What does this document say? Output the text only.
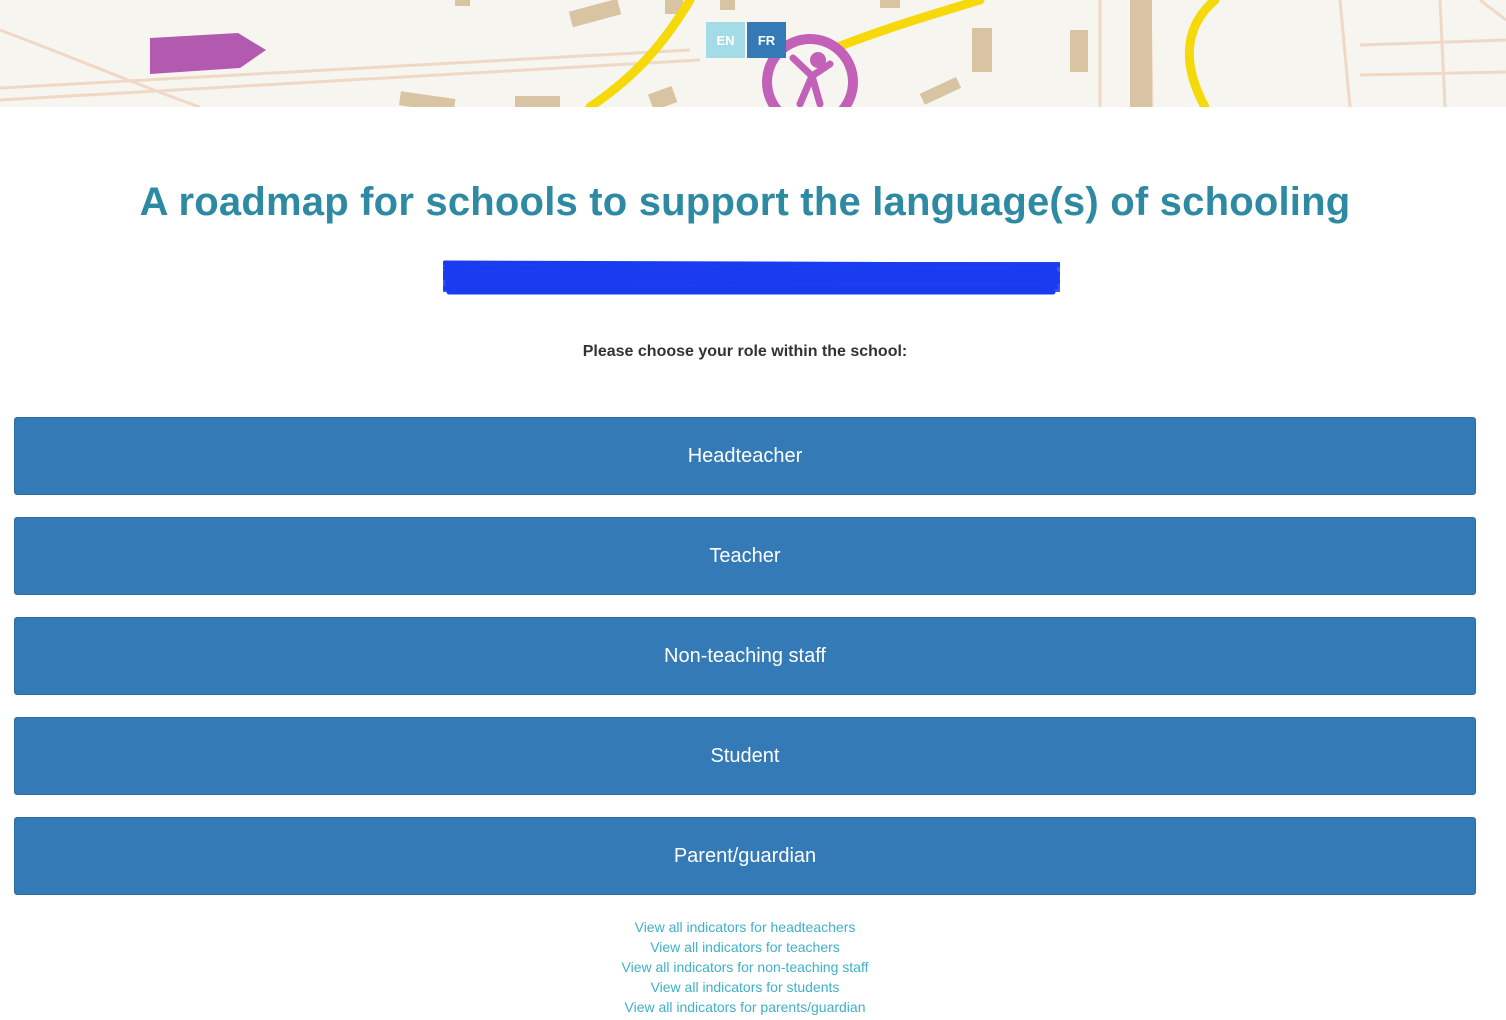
EN	FR
A roadmap for schools to support the language(s) of schooling
Please choose your role within the school:
Headteacher
Teacher
Non-teaching staff
Student
Parent/guardian
View all indicators for headteachers
View all indicators for teachers
View all indicators for non-teaching staff
View all indicators for students
View all indicators for parents/guardian
